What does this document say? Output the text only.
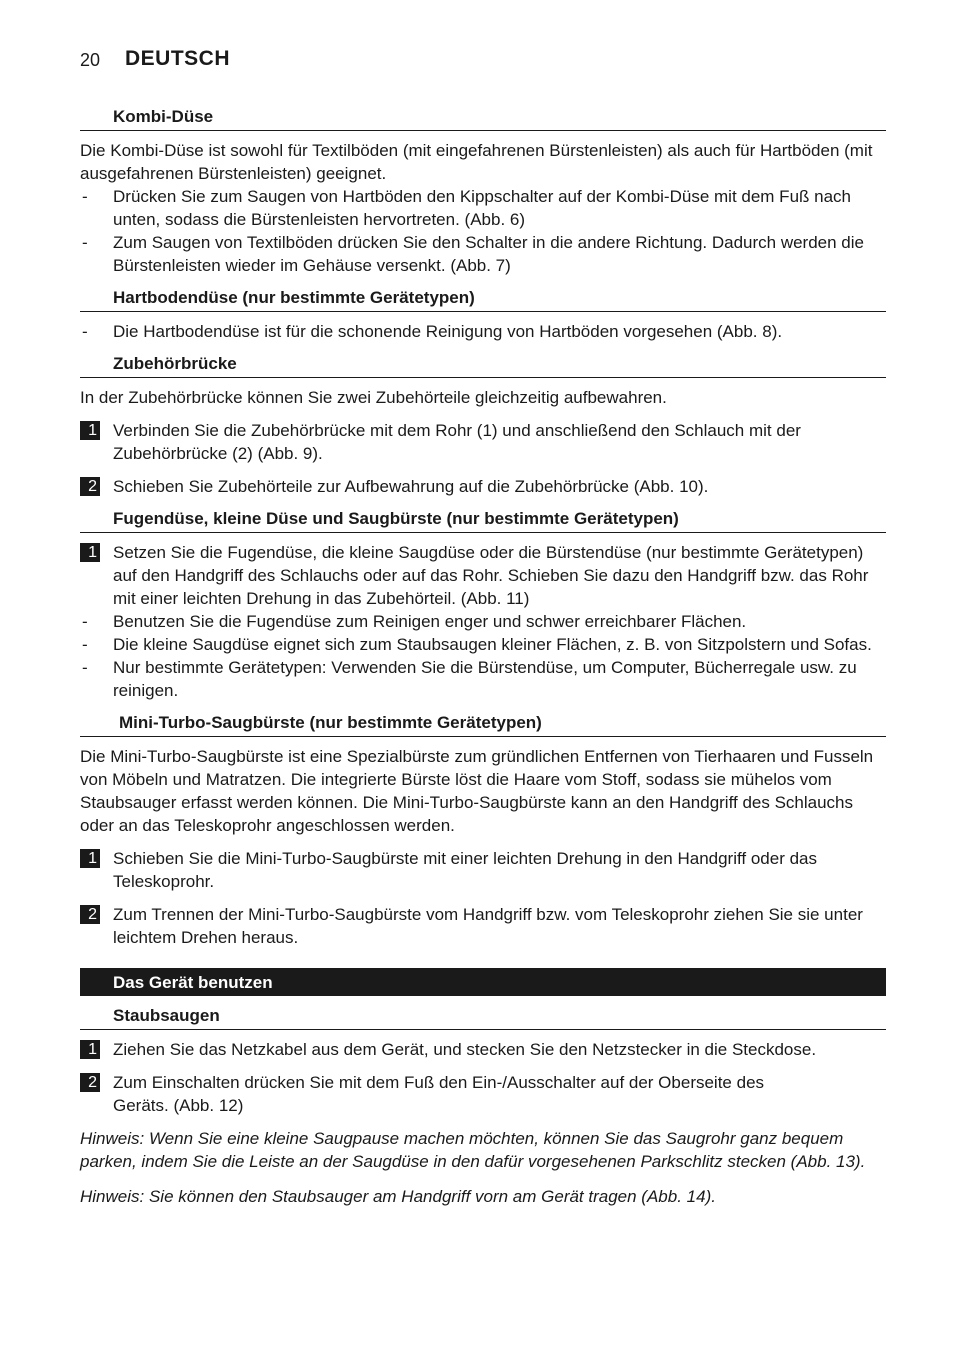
20 DEUTSCH
Kombi-Düse
Die Kombi-Düse ist sowohl für Textilböden (mit eingefahrenen Bürstenleisten) als auch für Hartböden (mit ausgefahrenen Bürstenleisten) geeignet.
-	Drücken Sie zum Saugen von Hartböden den Kippschalter auf der Kombi-Düse mit dem Fuß nach unten, sodass die Bürstenleisten hervortreten. (Abb. 6)
-	Zum Saugen von Textilböden drücken Sie den Schalter in die andere Richtung. Dadurch werden die Bürstenleisten wieder im Gehäuse versenkt. (Abb. 7)
Hartbodendüse (nur bestimmte Gerätetypen)
-	Die Hartbodendüse ist für die schonende Reinigung von Hartböden vorgesehen (Abb. 8).
Zubehörbrücke
In der Zubehörbrücke können Sie zwei Zubehörteile gleichzeitig aufbewahren.
1 Verbinden Sie die Zubehörbrücke mit dem Rohr (1) und anschließend den Schlauch mit der Zubehörbrücke (2) (Abb. 9).
2 Schieben Sie Zubehörteile zur Aufbewahrung auf die Zubehörbrücke (Abb. 10).
Fugendüse, kleine Düse und Saugbürste (nur bestimmte Gerätetypen)
1 Setzen Sie die Fugendüse, die kleine Saugdüse oder die Bürstendüse (nur bestimmte Gerätetypen) auf den Handgriff des Schlauchs oder auf das Rohr. Schieben Sie dazu den Handgriff bzw. das Rohr mit einer leichten Drehung in das Zubehörteil. (Abb. 11)
-	Benutzen Sie die Fugendüse zum Reinigen enger und schwer erreichbarer Flächen.
-	Die kleine Saugdüse eignet sich zum Staubsaugen kleiner Flächen, z. B. von Sitzpolstern und Sofas.
-	Nur bestimmte Gerätetypen: Verwenden Sie die Bürstendüse, um Computer, Bücherregale usw. zu reinigen.
Mini-Turbo-Saugbürste (nur bestimmte Gerätetypen)
Die Mini-Turbo-Saugbürste ist eine Spezialbürste zum gründlichen Entfernen von Tierhaaren und Fusseln von Möbeln und Matratzen. Die integrierte Bürste löst die Haare vom Stoff, sodass sie mühelos vom Staubsauger erfasst werden können. Die Mini-Turbo-Saugbürste kann an den Handgriff des Schlauchs oder an das Teleskoprohr angeschlossen werden.
1 Schieben Sie die Mini-Turbo-Saugbürste mit einer leichten Drehung in den Handgriff oder das Teleskoprohr.
2 Zum Trennen der Mini-Turbo-Saugbürste vom Handgriff bzw. vom Teleskoprohr ziehen Sie sie unter leichtem Drehen heraus.
Das Gerät benutzen
Staubsaugen
1 Ziehen Sie das Netzkabel aus dem Gerät, und stecken Sie den Netzstecker in die Steckdose.
2 Zum Einschalten drücken Sie mit dem Fuß den Ein-/Ausschalter auf der Oberseite des Geräts. (Abb. 12)
Hinweis: Wenn Sie eine kleine Saugpause machen möchten, können Sie das Saugrohr ganz bequem parken, indem Sie die Leiste an der Saugdüse in den dafür vorgesehenen Parkschlitz stecken (Abb. 13).
Hinweis: Sie können den Staubsauger am Handgriff vorn am Gerät tragen (Abb. 14).
